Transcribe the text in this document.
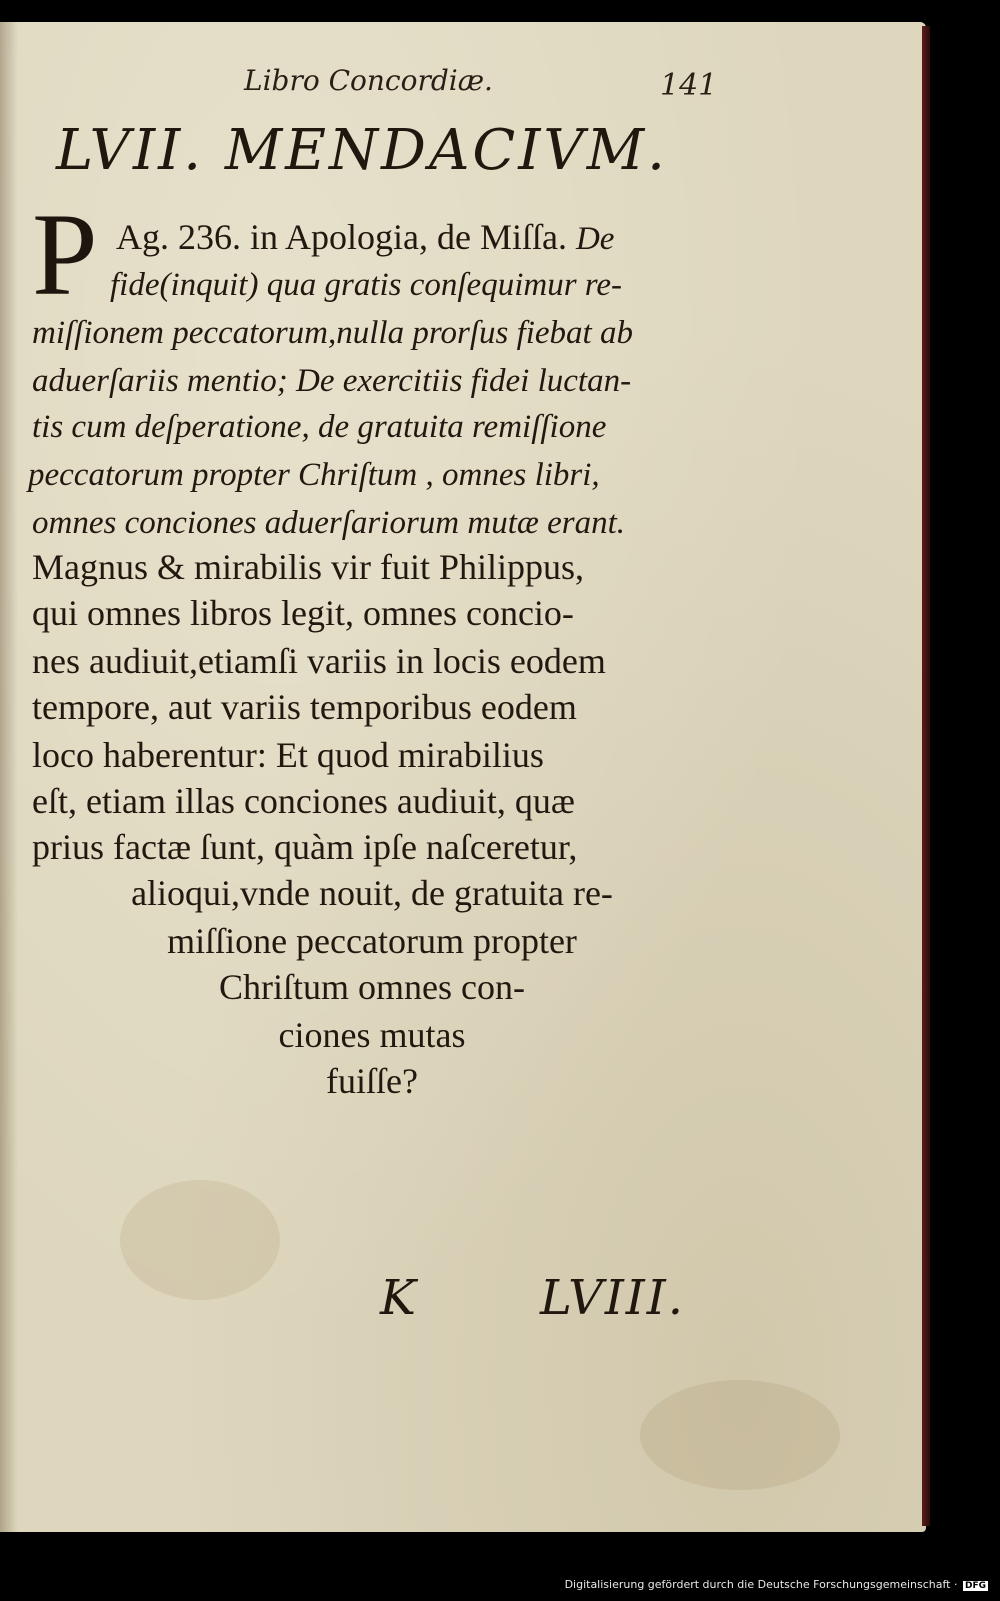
Libro Concordiæ.	141
LVII. MENDACIVM.
P Ag. 236. in Apologia, de Miſſa. De
fide(inquit) qua gratis conſequimur re-
miſſionem peccatorum,nulla prorſus fiebat ab
aduerſariis mentio; De exercitiis fidei luctan-
tis cum deſperatione, de gratuita remiſſione
peccatorum propter Chriſtum , omnes libri,
omnes conciones aduerſariorum mutæ erant.
Magnus & mirabilis vir fuit Philippus,
qui omnes libros legit, omnes concio-
nes audiuit,etiamſi variis in locis eodem
tempore, aut variis temporibus eodem
loco haberentur: Et quod mirabilius
eſt, etiam illas conciones audiuit, quæ
prius factæ ſunt, quàm ipſe naſceretur,
alioqui,vnde nouit, de gratuita re-
miſſione peccatorum propter
Chriſtum omnes con-
ciones mutas
fuiſſe?
K	LVIII.
Digitalisierung gefördert durch die Deutsche Forschungsgemeinschaft · DFG
